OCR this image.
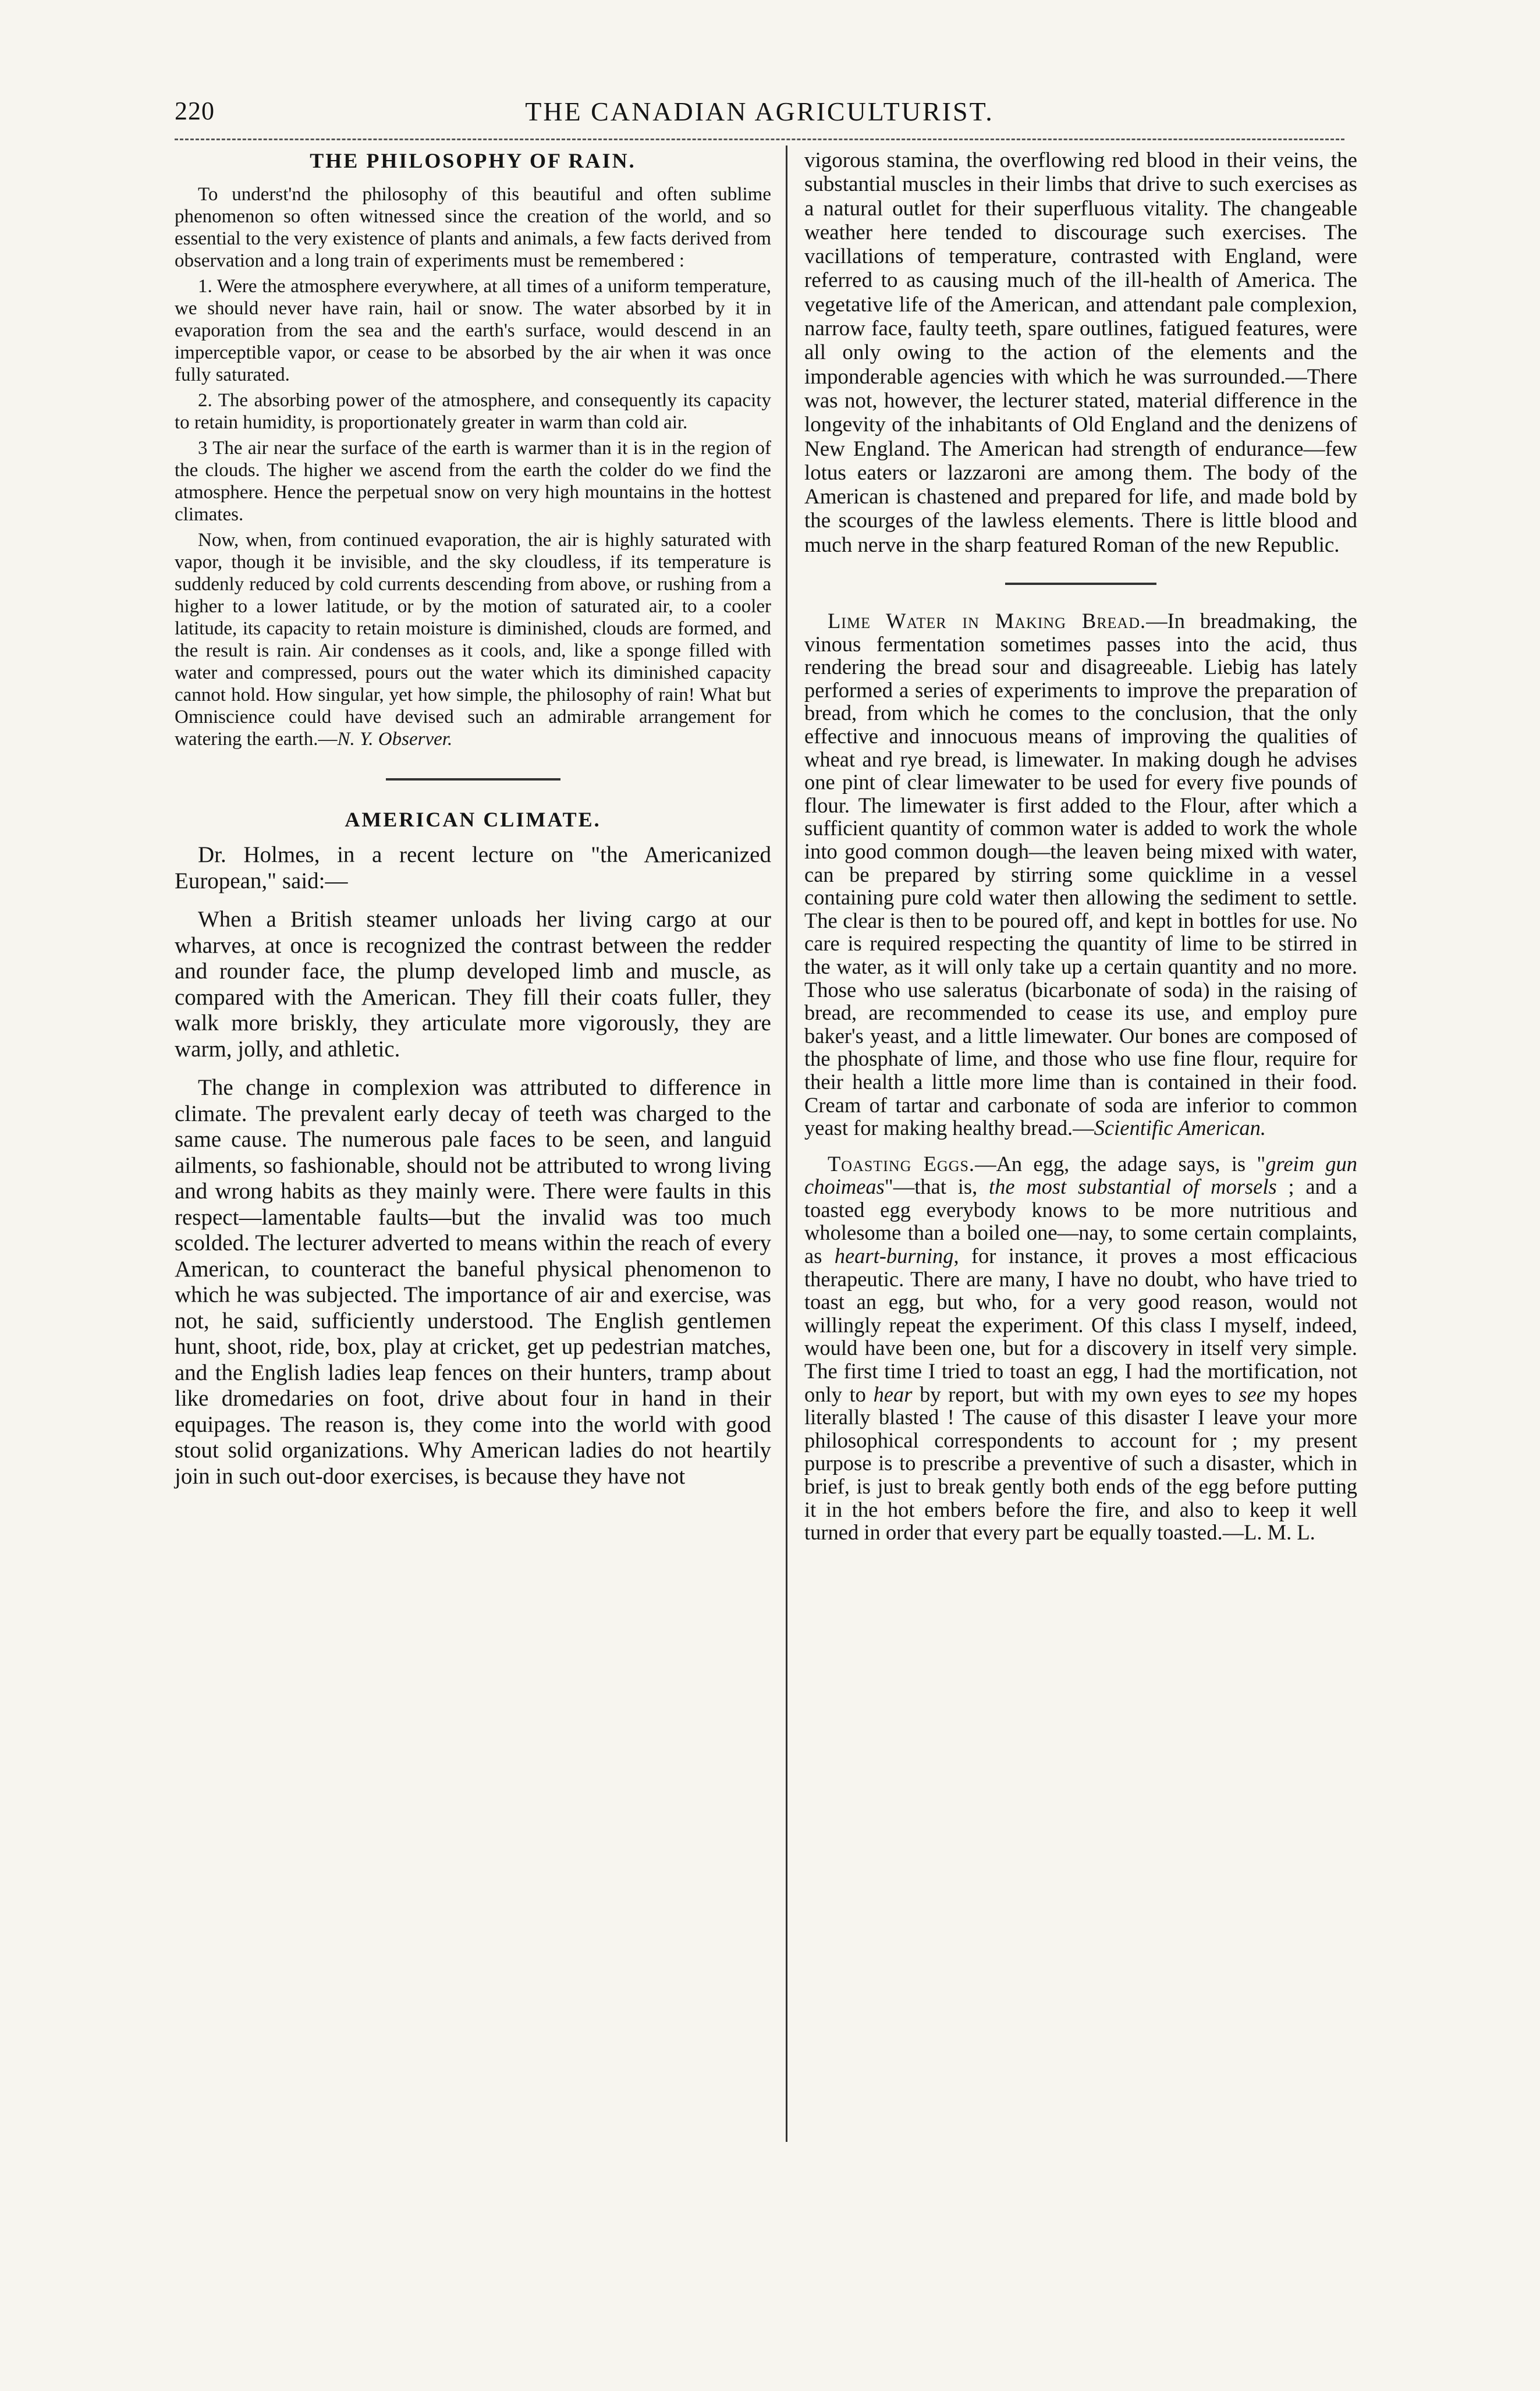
220	THE CANADIAN AGRICULTURIST.
THE PHILOSOPHY OF RAIN.

To underst'nd the philosophy of this beautiful and often sublime phenomenon so often witnessed since the creation of the world, and so essential to the very existence of plants and animals, a few facts derived from observation and a long train of experiments must be remembered :

1. Were the atmosphere everywhere, at all times of a uniform temperature, we should never have rain, hail or snow. The water absorbed by it in evaporation from the sea and the earth's surface, would descend in an imperceptible vapor, or cease to be absorbed by the air when it was once fully saturated.

2. The absorbing power of the atmosphere, and consequently its capacity to retain humidity, is proportionately greater in warm than cold air.

3 The air near the surface of the earth is warmer than it is in the region of the clouds. The higher we ascend from the earth the colder do we find the atmosphere. Hence the perpetual snow on very high mountains in the hottest climates.

Now, when, from continued evaporation, the air is highly saturated with vapor, though it be invisible, and the sky cloudless, if its temperature is suddenly reduced by cold currents descending from above, or rushing from a higher to a lower latitude, or by the motion of saturated air, to a cooler latitude, its capacity to retain moisture is diminished, clouds are formed, and the result is rain. Air condenses as it cools, and, like a sponge filled with water and compressed, pours out the water which its diminished capacity cannot hold. How singular, yet how simple, the philosophy of rain! What but Omniscience could have devised such an admirable arrangement for watering the earth.—N. Y. Observer.

AMERICAN CLIMATE.

Dr. Holmes, in a recent lecture on "the Americanized European," said:—

When a British steamer unloads her living cargo at our wharves, at once is recognized the contrast between the redder and rounder face, the plump developed limb and muscle, as compared with the American. They fill their coats fuller, they walk more briskly, they articulate more vigorously, they are warm, jolly, and athletic.

The change in complexion was attributed to difference in climate. The prevalent early decay of teeth was charged to the same cause. The numerous pale faces to be seen, and languid ailments, so fashionable, should not be attributed to wrong living and wrong habits as they mainly were. There were faults in this respect—lamentable faults—but the invalid was too much scolded. The lecturer adverted to means within the reach of every American, to counteract the baneful physical phenomenon to which he was subjected. The importance of air and exercise, was not, he said, sufficiently understood. The English gentlemen hunt, shoot, ride, box, play at cricket, get up pedestrian matches, and the English ladies leap fences on their hunters, tramp about like dromedaries on foot, drive about four in hand in their equipages. The reason is, they come into the world with good stout solid organizations. Why American ladies do not heartily join in such out-door exercises, is because they have not

vigorous stamina, the overflowing red blood in their veins, the substantial muscles in their limbs that drive to such exercises as a natural outlet for their superfluous vitality. The changeable weather here tended to discourage such exercises. The vacillations of temperature, contrasted with England, were referred to as causing much of the ill-health of America. The vegetative life of the American, and attendant pale complexion, narrow face, faulty teeth, spare outlines, fatigued features, were all only owing to the action of the elements and the imponderable agencies with which he was surrounded.—There was not, however, the lecturer stated, material difference in the longevity of the inhabitants of Old England and the denizens of New England. The American had strength of endurance—few lotus eaters or lazzaroni are among them. The body of the American is chastened and prepared for life, and made bold by the scourges of the lawless elements. There is little blood and much nerve in the sharp featured Roman of the new Republic.

Lime Water in Making Bread.—In breadmaking, the vinous fermentation sometimes passes into the acid, thus rendering the bread sour and disagreeable. Liebig has lately performed a series of experiments to improve the preparation of bread, from which he comes to the conclusion, that the only effective and innocuous means of improving the qualities of wheat and rye bread, is limewater. In making dough he advises one pint of clear limewater to be used for every five pounds of flour. The limewater is first added to the Flour, after which a sufficient quantity of common water is added to work the whole into good common dough—the leaven being mixed with water, can be prepared by stirring some quicklime in a vessel containing pure cold water then allowing the sediment to settle. The clear is then to be poured off, and kept in bottles for use. No care is required respecting the quantity of lime to be stirred in the water, as it will only take up a certain quantity and no more. Those who use saleratus (bicarbonate of soda) in the raising of bread, are recommended to cease its use, and employ pure baker's yeast, and a little limewater. Our bones are composed of the phosphate of lime, and those who use fine flour, require for their health a little more lime than is contained in their food. Cream of tartar and carbonate of soda are inferior to common yeast for making healthy bread.—Scientific American.

Toasting Eggs.—An egg, the adage says, is "greim gun choimeas"—that is, the most substantial of morsels ; and a toasted egg everybody knows to be more nutritious and wholesome than a boiled one—nay, to some certain complaints, as heart-burning, for instance, it proves a most efficacious therapeutic. There are many, I have no doubt, who have tried to toast an egg, but who, for a very good reason, would not willingly repeat the experiment. Of this class I myself, indeed, would have been one, but for a discovery in itself very simple. The first time I tried to toast an egg, I had the mortification, not only to hear by report, but with my own eyes to see my hopes literally blasted ! The cause of this disaster I leave your more philosophical correspondents to account for ; my present purpose is to prescribe a preventive of such a disaster, which in brief, is just to break gently both ends of the egg before putting it in the hot embers before the fire, and also to keep it well turned in order that every part be equally toasted.—L. M. L.
